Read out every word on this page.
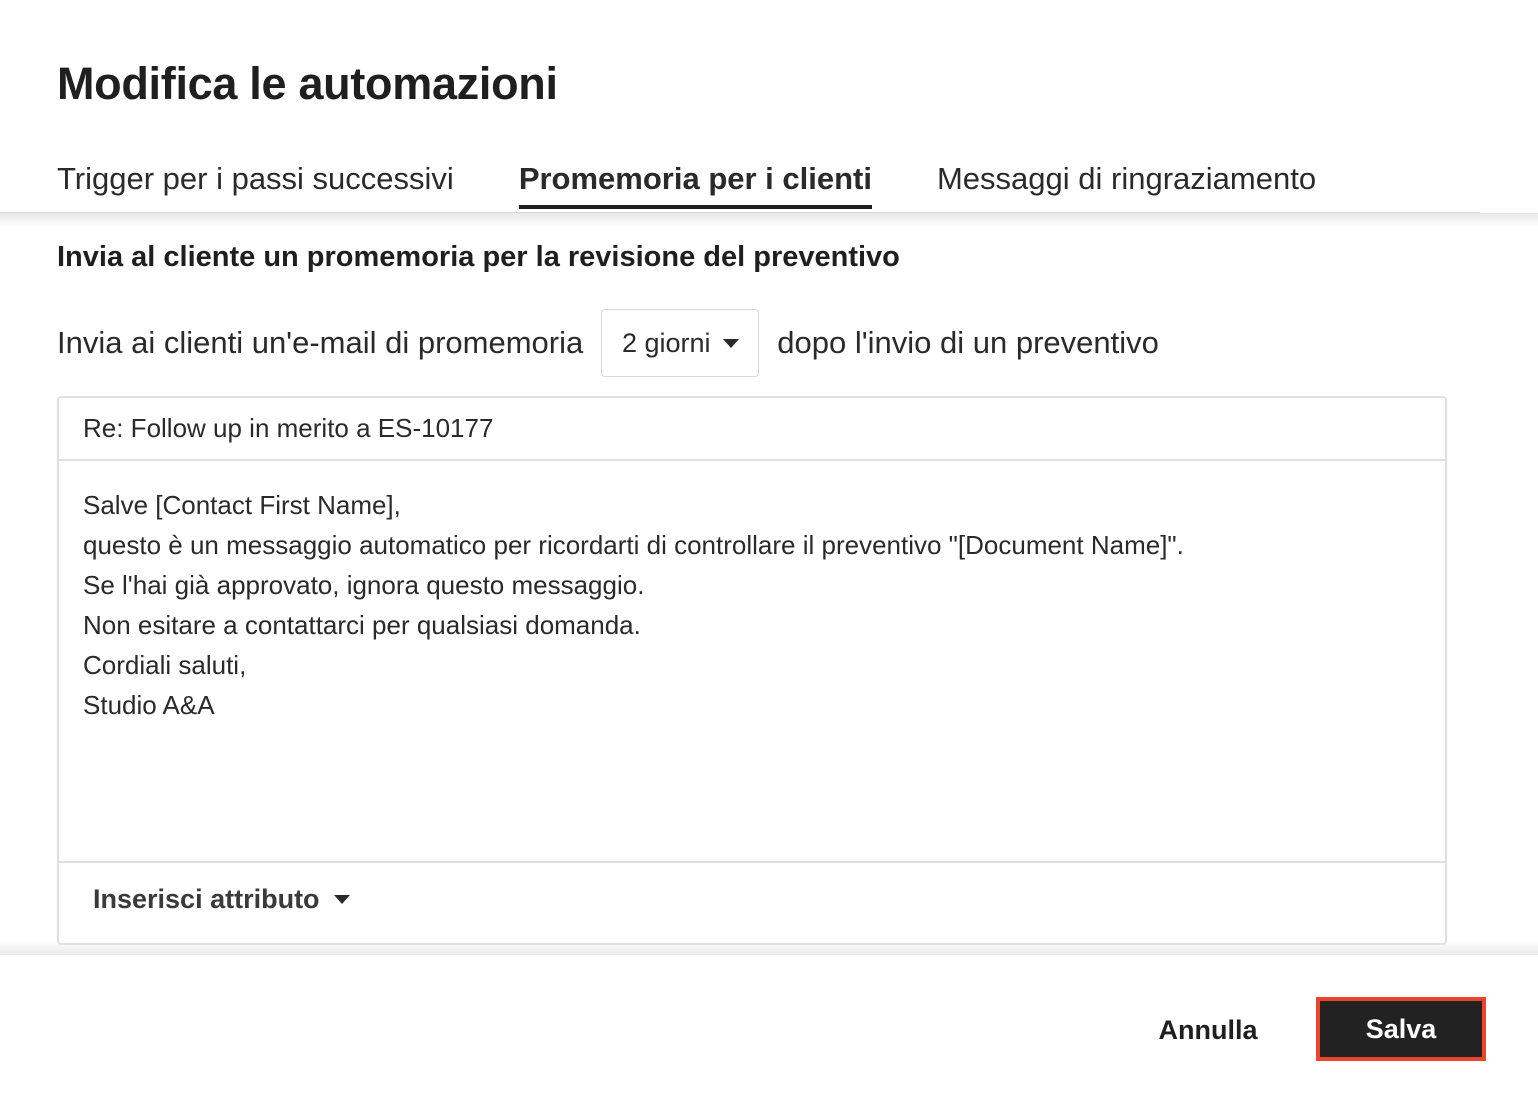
Modifica le automazioni
Trigger per i passi successivi Promemoria per i clienti Messaggi di ringraziamento
Invia al cliente un promemoria per la revisione del preventivo
Invia ai clienti un'e-mail di promemoria 2 giorni dopo l'invio di un preventivo
Re: Follow up in merito a ES-10177
Salve [Contact First Name],
questo è un messaggio automatico per ricordarti di controllare il preventivo "[Document Name]".
Se l'hai già approvato, ignora questo messaggio.
Non esitare a contattarci per qualsiasi domanda.
Cordiali saluti,
Studio A&A
Inserisci attributo
Annulla	Salva
